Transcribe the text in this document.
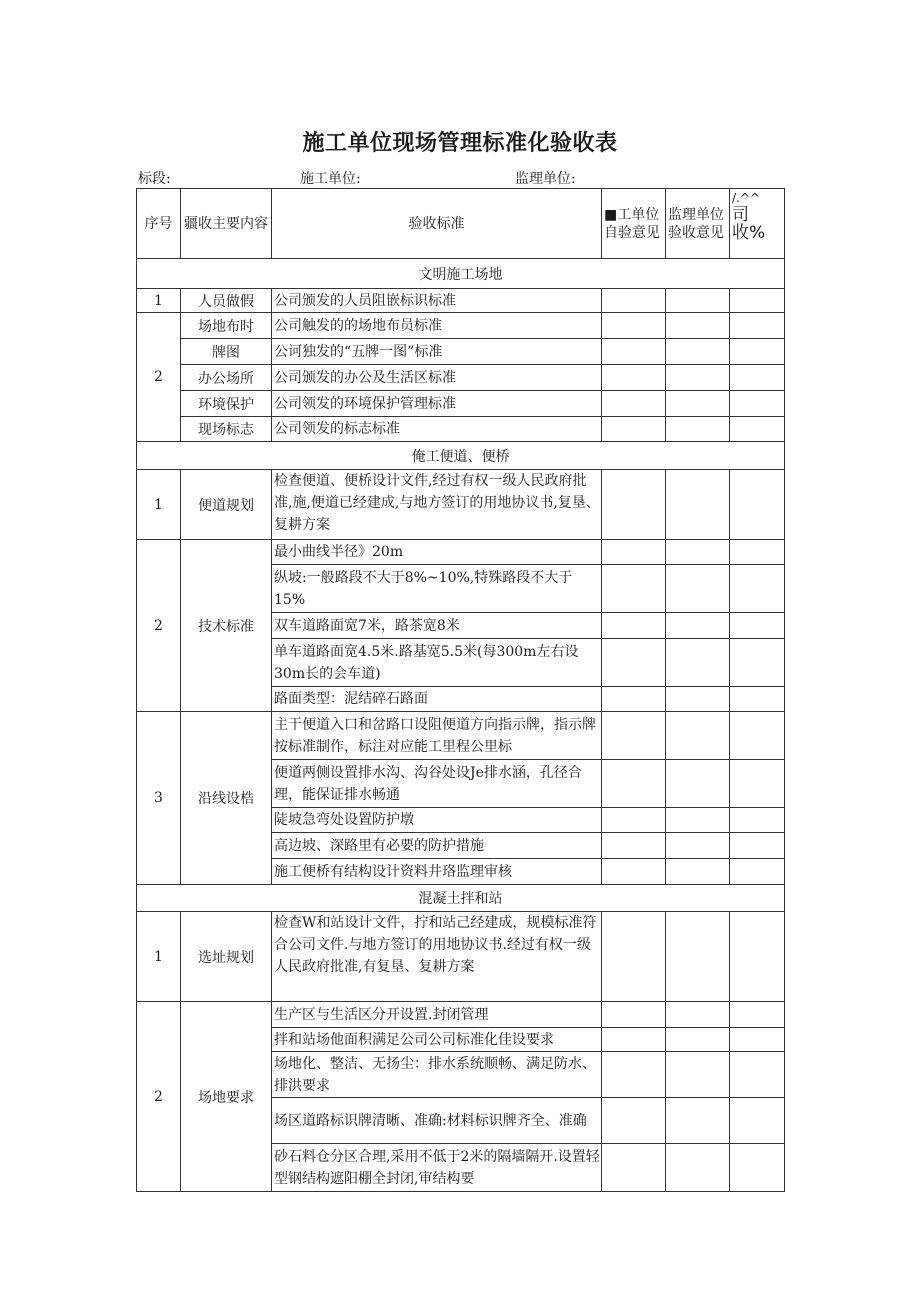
施工单位现场管理标准化验收表
标段:	施工单位:	监理单位:
序号	疆收主要内容	验收标准	■工单位自验意见	监理单位验收意见	/.^^
司收%

文明施工场地					
1	人员做假	公司颁发的人员阻嵌标识标准			
2	场地布时	公司触发的的场地布员标准			
	牌图	公诃独发的“五牌一图”标准			
	办公场所	公司颁发的办公及生活区标准			
	环境保护	公司领发的环境保护管理标准			
	现场标志	公司领发的标志标准			
俺工便道、便桥					
1	便道规划	检查便道、便桥设计文件,经过有权一级人民政府批准,施,便道已经建成,与地方签订的用地协议书,复垦、复耕方案			
2	技术标准	最小曲线半径》20m			
		纵坡:一般路段不大于8%~10%,特殊路段不大于15%			
		双车道路面宽7米，路茶宽8米			
		单车道路面宽4.5米.路基宽5.5米(每300m左右设30m长的会车道)			
		路面类型：泥结碎石路面			
3	沿线设梏	主干便道入口和岔路口设阻便道方向指示牌，指示牌按标准制作，标注对应能工里程公里标			
		便道两侧设置排水沟、沟谷处设Je排水涵，孔径合理，能保证排水畅通			
		陡坡急弯处设置防护墩			
		高边坡、深路里有必要的防护措施			
		施工便桥有结构设计资料井珞监理审核			
混凝土拌和站					
1	选址规划	检查W和站设计文件，拧和站己经建成，规模标准符合公司文件.与地方签订的用地协议书.经过有权一级人民政府批准,有复垦、复耕方案			
2	场地要求	生产区与生活区分开设置.封闭管理			
		拌和站场他面积满足公司公司标准化佳设要求			
		场地化、整洁、无扬尘：排水系统顺畅、满足防水、排洪要求			
		场区道路标识牌清晰、准确:材料标识牌齐全、准确			
		砂石料仓分区合理,采用不低于2米的隔墙隔开.设置轻型钢结构遮阳棚全封闭,审结构要			
